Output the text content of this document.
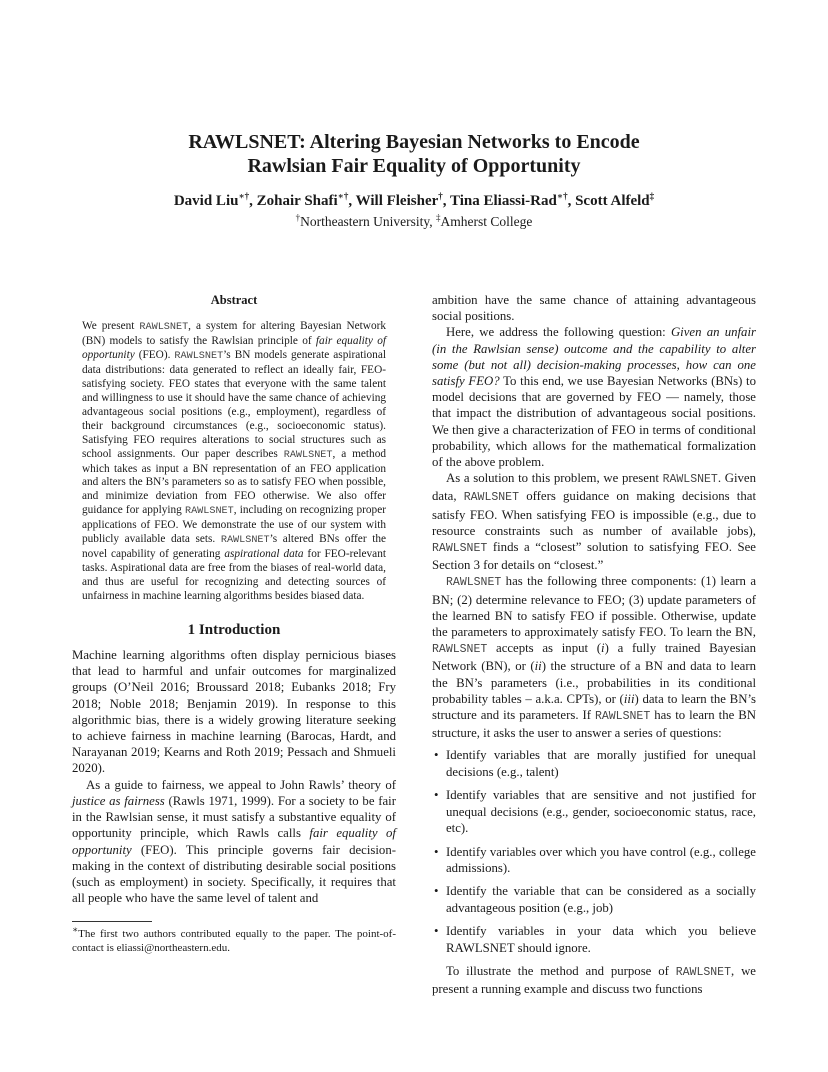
RAWLSNET: Altering Bayesian Networks to Encode
Rawlsian Fair Equality of Opportunity
David Liu∗†, Zohair Shafi∗†, Will Fleisher†, Tina Eliassi-Rad∗†, Scott Alfeld‡
†Northeastern University, ‡Amherst College
Abstract

We present RAWLSNET, a system for altering Bayesian Network (BN) models to satisfy the Rawlsian principle of fair equality of opportunity (FEO). RAWLSNET’s BN models generate aspirational data distributions: data generated to reflect an ideally fair, FEO-satisfying society. FEO states that everyone with the same talent and willingness to use it should have the same chance of achieving advantageous social positions (e.g., employment), regardless of their background circumstances (e.g., socioeconomic status). Satisfying FEO requires alterations to social structures such as school assignments. Our paper describes RAWLSNET, a method which takes as input a BN representation of an FEO application and alters the BN’s parameters so as to satisfy FEO when possible, and minimize deviation from FEO otherwise. We also offer guidance for applying RAWLSNET, including on recognizing proper applications of FEO. We demonstrate the use of our system with publicly available data sets. RAWLSNET’s altered BNs offer the novel capability of generating aspirational data for FEO-relevant tasks. Aspirational data are free from the biases of real-world data, and thus are useful for recognizing and detecting sources of unfairness in machine learning algorithms besides biased data.

1 Introduction

Machine learning algorithms often display pernicious biases that lead to harmful and unfair outcomes for marginalized groups (O’Neil 2016; Broussard 2018; Eubanks 2018; Fry 2018; Noble 2018; Benjamin 2019). In response to this algorithmic bias, there is a widely growing literature seeking to achieve fairness in machine learning (Barocas, Hardt, and Narayanan 2019; Kearns and Roth 2019; Pessach and Shmueli 2020).

As a guide to fairness, we appeal to John Rawls’ theory of justice as fairness (Rawls 1971, 1999). For a society to be fair in the Rawlsian sense, it must satisfy a substantive equality of opportunity principle, which Rawls calls fair equality of opportunity (FEO). This principle governs fair decision-making in the context of distributing desirable social positions (such as employment) in society. Specifically, it requires that all people who have the same level of talent and

∗The first two authors contributed equally to the paper. The point-of-contact is eliassi@northeastern.edu.

ambition have the same chance of attaining advantageous social positions.

Here, we address the following question: Given an unfair (in the Rawlsian sense) outcome and the capability to alter some (but not all) decision-making processes, how can one satisfy FEO? To this end, we use Bayesian Networks (BNs) to model decisions that are governed by FEO — namely, those that impact the distribution of advantageous social positions. We then give a characterization of FEO in terms of conditional probability, which allows for the mathematical formalization of the above problem.

As a solution to this problem, we present RAWLSNET. Given data, RAWLSNET offers guidance on making decisions that satisfy FEO. When satisfying FEO is impossible (e.g., due to resource constraints such as number of available jobs), RAWLSNET finds a “closest” solution to satisfying FEO. See Section 3 for details on “closest.”

RAWLSNET has the following three components: (1) learn a BN; (2) determine relevance to FEO; (3) update parameters of the learned BN to satisfy FEO if possible. Otherwise, update the parameters to approximately satisfy FEO. To learn the BN, RAWLSNET accepts as input (i) a fully trained Bayesian Network (BN), or (ii) the structure of a BN and data to learn the BN’s parameters (i.e., probabilities in its conditional probability tables – a.k.a. CPTs), or (iii) data to learn the BN’s structure and its parameters. If RAWLSNET has to learn the BN structure, it asks the user to answer a series of questions:

• Identify variables that are morally justified for unequal decisions (e.g., talent)
• Identify variables that are sensitive and not justified for unequal decisions (e.g., gender, socioeconomic status, race, etc).
• Identify variables over which you have control (e.g., college admissions).
• Identify the variable that can be considered as a socially advantageous position (e.g., job)
• Identify variables in your data which you believe RAWLSNET should ignore.

To illustrate the method and purpose of RAWLSNET, we present a running example and discuss two functions
